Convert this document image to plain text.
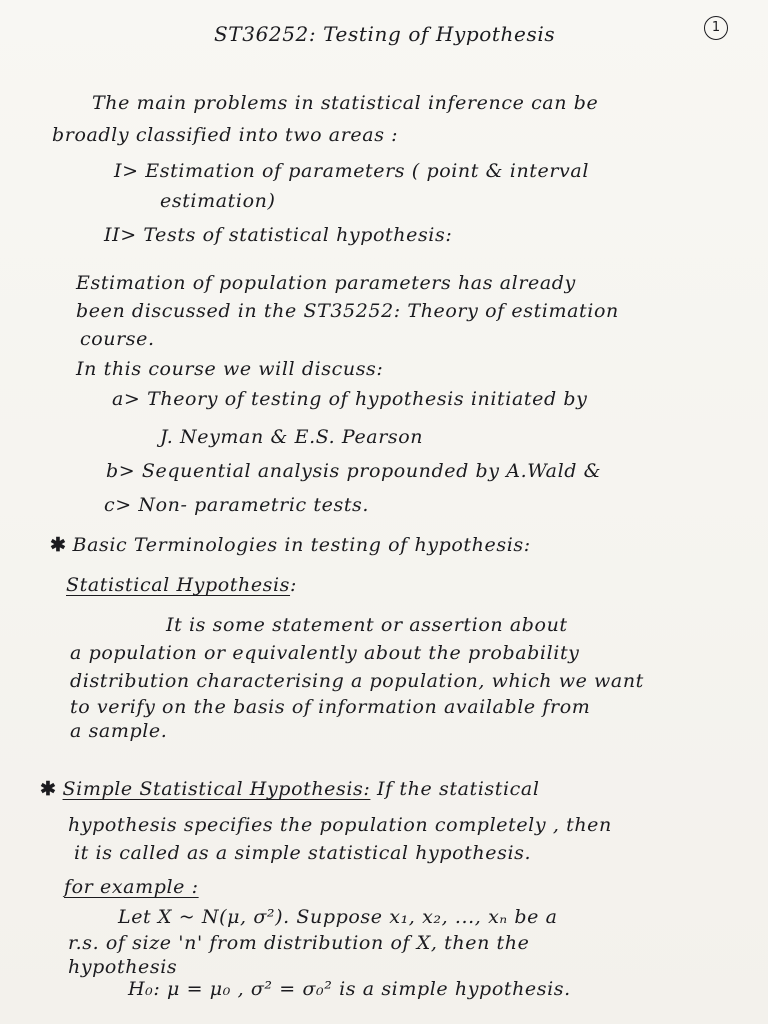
ST36252: Testing of Hypothesis	1
The main problems in statistical inference can be
broadly classified into two areas :
I> Estimation of parameters ( point & interval
estimation)
II> Tests of statistical hypothesis:
Estimation of population parameters has already
been discussed in the ST35252: Theory of estimation
course.
In this course we will discuss:
a> Theory of testing of hypothesis initiated by
J. Neyman & E.S. Pearson
b> Sequential analysis propounded by A.Wald &
c> Non- parametric tests.
✱ Basic Terminologies in testing of hypothesis:
Statistical Hypothesis:
It is some statement or assertion about
a population or equivalently about the probability
distribution characterising a population, which we want
to verify on the basis of information available from
a sample.
✱ Simple Statistical Hypothesis: If the statistical
hypothesis specifies the population completely , then
it is called as a simple statistical hypothesis.
for example :
Let X ~ N(μ, σ²). Suppose x₁, x₂, ..., xₙ be a
r.s. of size 'n' from distribution of X, then the
hypothesis
H₀: μ = μ₀ , σ² = σ₀² is a simple hypothesis.
